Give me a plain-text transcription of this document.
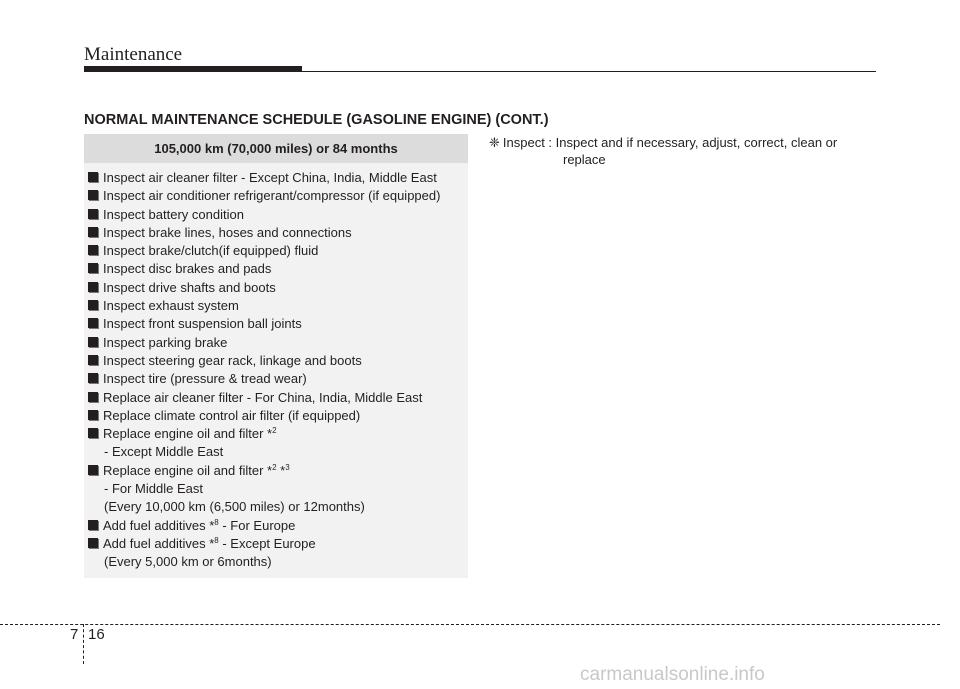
Maintenance
NORMAL MAINTENANCE SCHEDULE (GASOLINE ENGINE) (CONT.)
105,000 km (70,000 miles) or 84 months
Inspect air cleaner filter - Except China, India, Middle East
Inspect air conditioner refrigerant/compressor (if equipped)
Inspect battery condition
Inspect brake lines, hoses and connections
Inspect brake/clutch(if equipped) fluid
Inspect disc brakes and pads
Inspect drive shafts and boots
Inspect exhaust system
Inspect front suspension ball joints
Inspect parking brake
Inspect steering gear rack, linkage and boots
Inspect tire (pressure & tread wear)
Replace air cleaner filter - For China, India, Middle East
Replace climate control air filter (if equipped)
Replace engine oil and filter *$^2$
- Except Middle East
Replace engine oil and filter *$^2$ *$^3$
- For Middle East
(Every 10,000 km (6,500 miles) or 12months)
Add fuel additives *$^8$ - For Europe
Add fuel additives *$^8$ - Except Europe
(Every 5,000 km or 6months)
❈ Inspect : Inspect and if necessary, adjust, correct, clean or
replace
7 16
carmanualsonline.info
